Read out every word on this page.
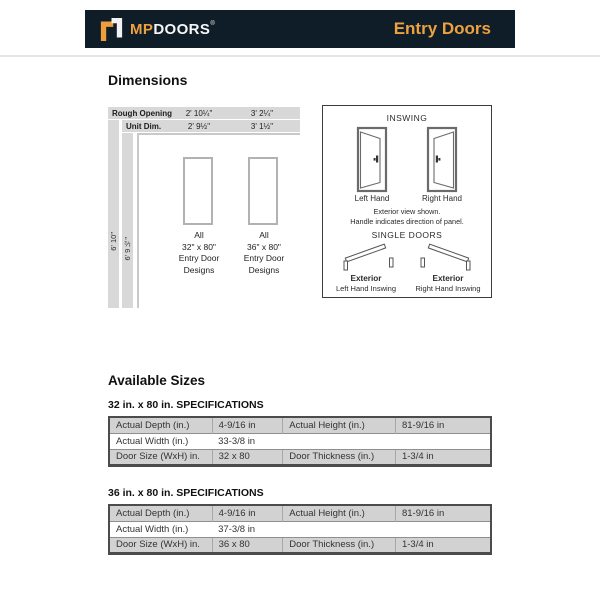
MPDOORS®	Entry Doors
Dimensions
Rough Opening	2' 10¼"	3' 2¼"
Unit Dim.	2' 9½"	3' 1½"
6' 10" 6' 9½"
All
32" x 80"
Entry Door
Designs
All
36" x 80"
Entry Door
Designs
INSWING
Left Hand	Right Hand
Exterior view shown.
Handle indicates direction of panel.
SINGLE DOORS
Exterior
Left Hand Inswing
Exterior
Right Hand Inswing
Available Sizes
32 in. x 80 in. SPECIFICATIONS
Actual Depth (in.)	4-9/16 in	Actual Height (in.)	81-9/16 in
Actual Width (in.)	33-3/8 in		
Door Size (WxH) in.	32 x 80	Door Thickness (in.)	1-3/4 in
36 in. x 80 in. SPECIFICATIONS
Actual Depth (in.)	4-9/16 in	Actual Height (in.)	81-9/16 in
Actual Width (in.)	37-3/8 in		
Door Size (WxH) in.	36 x 80	Door Thickness (in.)	1-3/4 in
